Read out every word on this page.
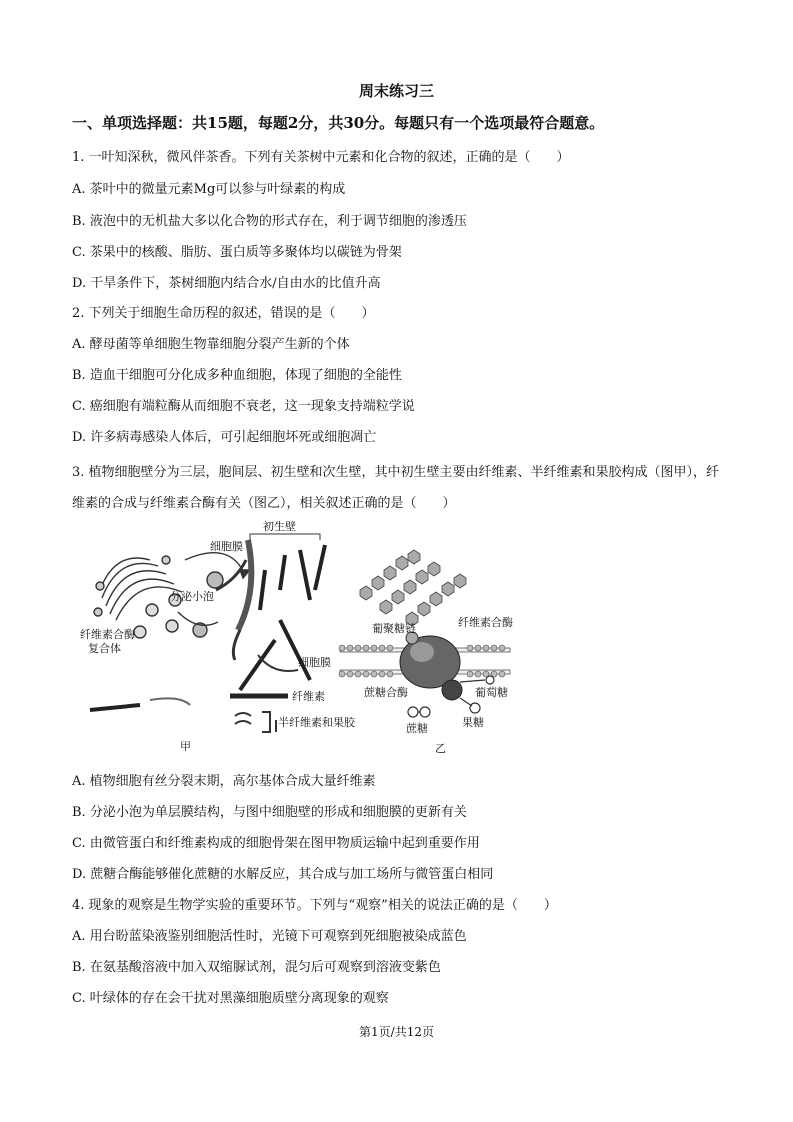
周末练习三
一、单项选择题：共15题，每题2分，共30分。每题只有一个选项最符合题意。
1. 一叶知深秋，微风伴茶香。下列有关茶树中元素和化合物的叙述，正确的是（　　）
A. 茶叶中的微量元素Mg可以参与叶绿素的构成
B. 液泡中的无机盐大多以化合物的形式存在，利于调节细胞的渗透压
C. 茶果中的核酸、脂肪、蛋白质等多聚体均以碳链为骨架
D. 干旱条件下，茶树细胞内结合水/自由水的比值升高
2. 下列关于细胞生命历程的叙述，错误的是（　　）
A. 酵母菌等单细胞生物靠细胞分裂产生新的个体
B. 造血干细胞可分化成多种血细胞，体现了细胞的全能性
C. 癌细胞有端粒酶从而细胞不衰老，这一现象支持端粒学说
D. 许多病毒感染人体后，可引起细胞坏死或细胞凋亡
3. 植物细胞壁分为三层，胞间层、初生壁和次生壁，其中初生壁主要由纤维素、半纤维素和果胶构成（图甲），纤维素的合成与纤维素合酶有关（图乙），相关叙述正确的是（　　）
细胞膜
初生壁
分泌小泡
纤维素合酶
复合体
纤维素
半纤维素和果胶
甲
葡聚糖链	纤维素合酶
细胞膜
蔗糖合酶	葡萄糖
蔗糖	果糖
乙
A. 植物细胞有丝分裂末期，高尔基体合成大量纤维素
B. 分泌小泡为单层膜结构，与图中细胞壁的形成和细胞膜的更新有关
C. 由微管蛋白和纤维素构成的细胞骨架在图甲物质运输中起到重要作用
D. 蔗糖合酶能够催化蔗糖的水解反应，其合成与加工场所与微管蛋白相同
4. 现象的观察是生物学实验的重要环节。下列与“观察”相关的说法正确的是（　　）
A. 用台盼蓝染液鉴别细胞活性时，光镜下可观察到死细胞被染成蓝色
B. 在氨基酸溶液中加入双缩脲试剂，混匀后可观察到溶液变紫色
C. 叶绿体的存在会干扰对黑藻细胞质壁分离现象的观察
第1页/共12页
